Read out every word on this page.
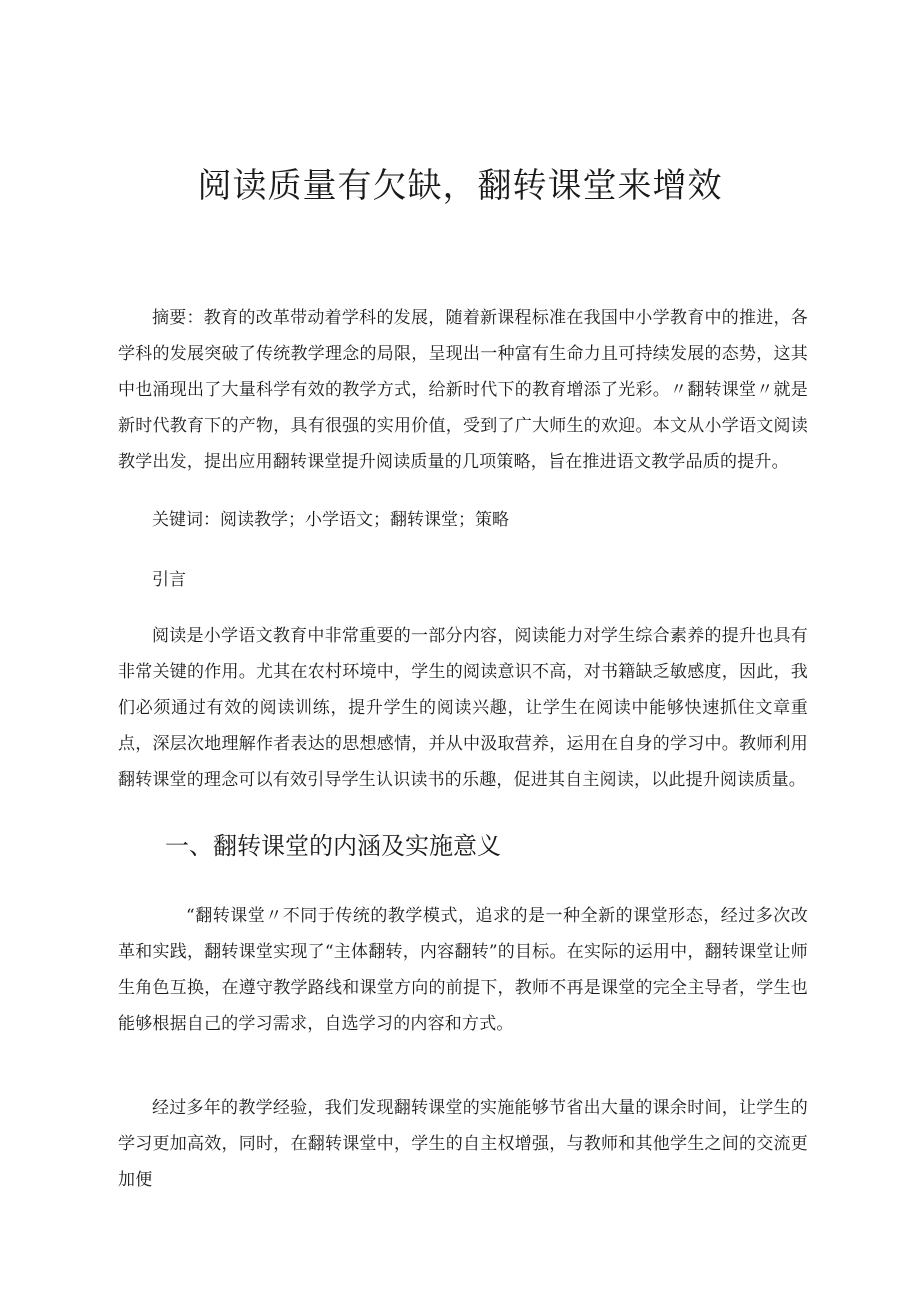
阅读质量有欠缺，翻转课堂来增效

摘要：教育的改革带动着学科的发展，随着新课程标准在我国中小学教育中的推进，各学科的发展突破了传统教学理念的局限，呈现出一种富有生命力且可持续发展的态势，这其中也涌现出了大量科学有效的教学方式，给新时代下的教育增添了光彩。〃翻转课堂〃就是新时代教育下的产物，具有很强的实用价值，受到了广大师生的欢迎。本文从小学语文阅读教学出发，提出应用翻转课堂提升阅读质量的几项策略，旨在推进语文教学品质的提升。

关键词：阅读教学；小学语文；翻转课堂；策略

引言

阅读是小学语文教育中非常重要的一部分内容，阅读能力对学生综合素养的提升也具有非常关键的作用。尤其在农村环境中，学生的阅读意识不高，对书籍缺乏敏感度，因此，我们必须通过有效的阅读训练，提升学生的阅读兴趣，让学生在阅读中能够快速抓住文章重点，深层次地理解作者表达的思想感情，并从中汲取营养，运用在自身的学习中。教师利用翻转课堂的理念可以有效引导学生认识读书的乐趣，促进其自主阅读，以此提升阅读质量。

一、翻转课堂的内涵及实施意义

“翻转课堂〃不同于传统的教学模式，追求的是一种全新的课堂形态，经过多次改革和实践，翻转课堂实现了“主体翻转，内容翻转”的目标。在实际的运用中，翻转课堂让师生角色互换，在遵守教学路线和课堂方向的前提下，教师不再是课堂的完全主导者，学生也能够根据自己的学习需求，自选学习的内容和方式。

经过多年的教学经验，我们发现翻转课堂的实施能够节省出大量的课余时间，让学生的学习更加高效，同时，在翻转课堂中，学生的自主权增强，与教师和其他学生之间的交流更加便
